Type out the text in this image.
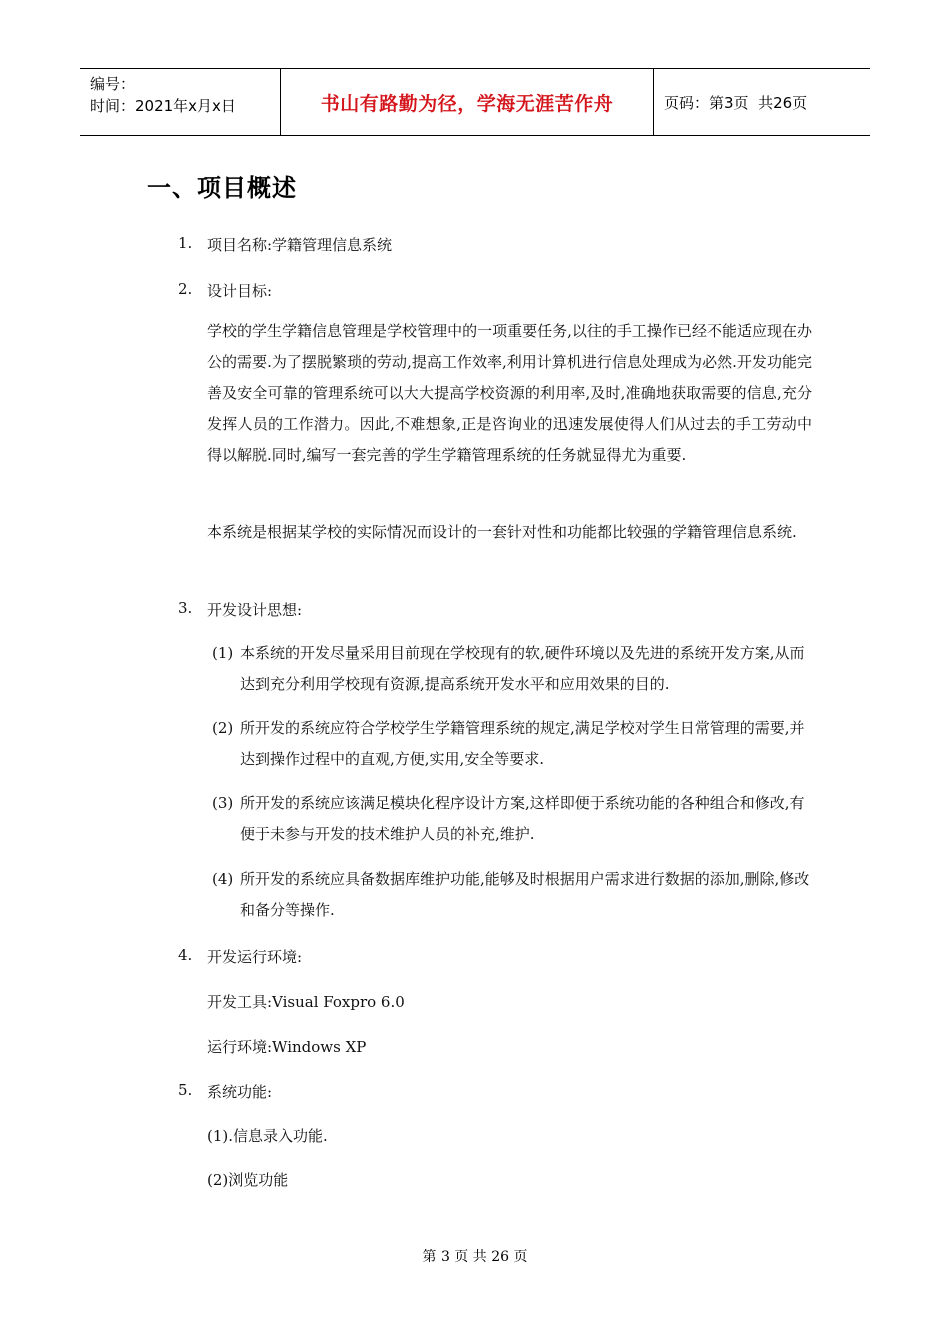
编号：
时间：2021年x月x日	书山有路勤为径，学海无涯苦作舟	页码：第3页  共26页
一、项目概述
1. 项目名称:学籍管理信息系统
2. 设计目标:
学校的学生学籍信息管理是学校管理中的一项重要任务,以往的手工操作已经不能适应现在办公的需要.为了摆脱繁琐的劳动,提高工作效率,利用计算机进行信息处理成为必然.开发功能完善及安全可靠的管理系统可以大大提高学校资源的利用率,及时,准确地获取需要的信息,充分发挥人员的工作潜力。因此,不难想象,正是咨询业的迅速发展使得人们从过去的手工劳动中得以解脱.同时,编写一套完善的学生学籍管理系统的任务就显得尤为重要.
本系统是根据某学校的实际情况而设计的一套针对性和功能都比较强的学籍管理信息系统.
3. 开发设计思想:
(1) 本系统的开发尽量采用目前现在学校现有的软,硬件环境以及先进的系统开发方案,从而达到充分利用学校现有资源,提高系统开发水平和应用效果的目的.
(2) 所开发的系统应符合学校学生学籍管理系统的规定,满足学校对学生日常管理的需要,并达到操作过程中的直观,方便,实用,安全等要求.
(3) 所开发的系统应该满足模块化程序设计方案,这样即便于系统功能的各种组合和修改,有便于未参与开发的技术维护人员的补充,维护.
(4) 所开发的系统应具备数据库维护功能,能够及时根据用户需求进行数据的添加,删除,修改和备分等操作.
4. 开发运行环境:
开发工具:Visual Foxpro 6.0
运行环境:Windows XP
5. 系统功能:
(1).信息录入功能.
(2)浏览功能
第 3 页 共 26 页
